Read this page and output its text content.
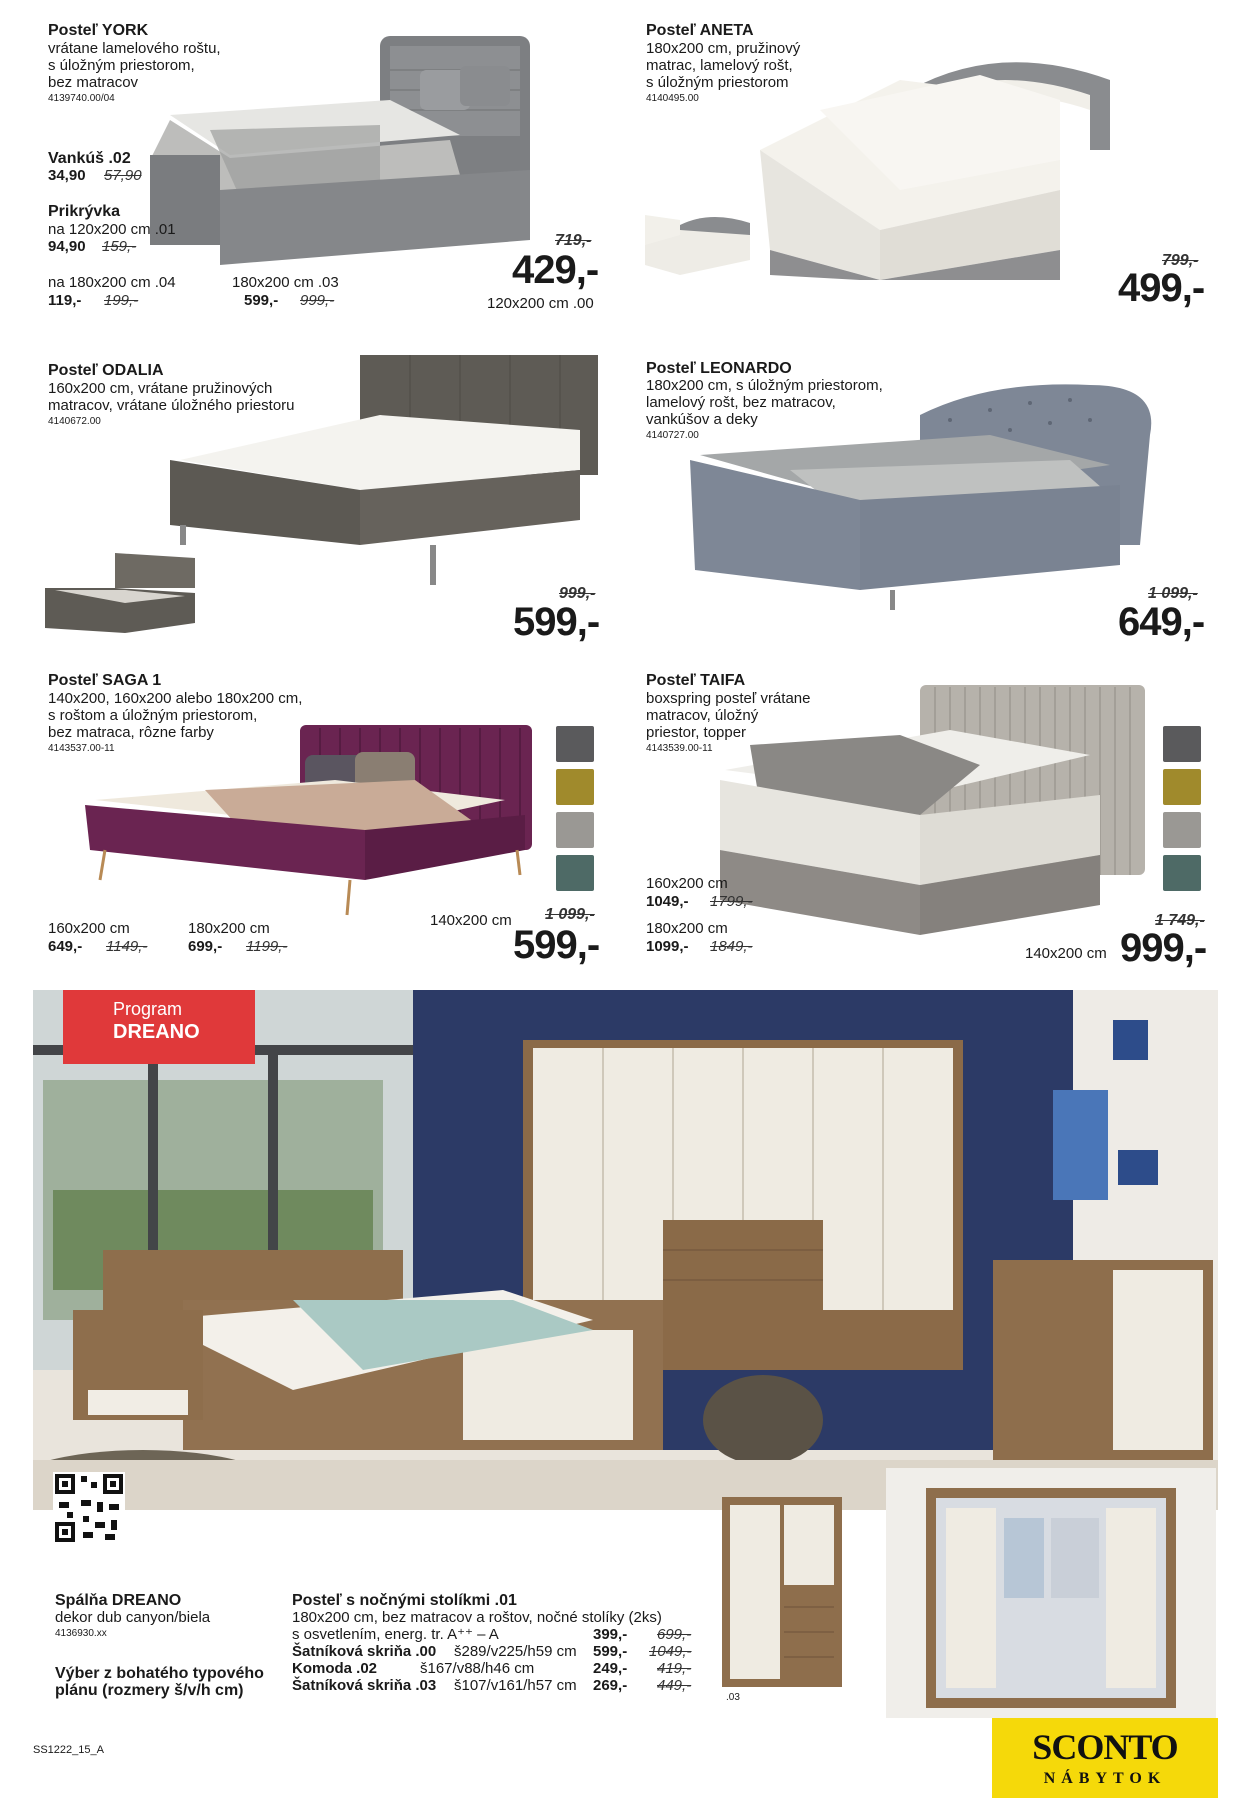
Posteľ YORK
vrátane lamelového roštu,
s úložným priestorom,
bez matracov
4139740.00/04
Vankúš .02
34,90 57,90
Prikrývka
na 120x200 cm .01
94,90 159,-
na 180x200 cm .04
119,- 199,-
180x200 cm .03
599,- 999,-
719,-
429,-
120x200 cm .00
Posteľ ANETA
180x200 cm, pružinový
matrac, lamelový rošt,
s úložným priestorom
4140495.00
799,-
499,-
Posteľ ODALIA
160x200 cm, vrátane pružinových
matracov, vrátane úložného priestoru
4140672.00
999,-
599,-
Posteľ LEONARDO
180x200 cm, s úložným priestorom,
lamelový rošt, bez matracov,
vankúšov a deky
4140727.00
1 099,-
649,-
Posteľ SAGA 1
140x200, 160x200 alebo 180x200 cm,
s roštom a úložným priestorom,
bez matraca, rôzne farby
4143537.00-11
160x200 cm
649,- 1149,-
180x200 cm
699,- 1199,-
140x200 cm 1 099,-
599,-
Posteľ TAIFA
boxspring posteľ vrátane
matracov, úložný
priestor, topper
4143539.00-11
160x200 cm
1049,- 1799,-
180x200 cm
1099,- 1849,-	140x200 cm
1 749,-
999,-
Program
DREANO
.03
Spálňa DREANO
dekor dub canyon/biela
4136930.xx
Výber z bohatého typového
plánu (rozmery š/v/h cm)
Posteľ s nočnými stolíkmi .01
180x200 cm, bez matracov a roštov, nočné stolíky (2ks)
s osvetlením, energ. tr. A⁺⁺ – A	399,- 699,-
Šatníková skriňa .00 š289/v225/h59 cm 599,- 1049,-
Komoda .02	š167/v88/h46 cm	249,- 419,-
Šatníková skriňa .03 š107/v161/h57 cm 269,- 449,-
SS1222_15_A	SCONTO
NÁBYTOK
